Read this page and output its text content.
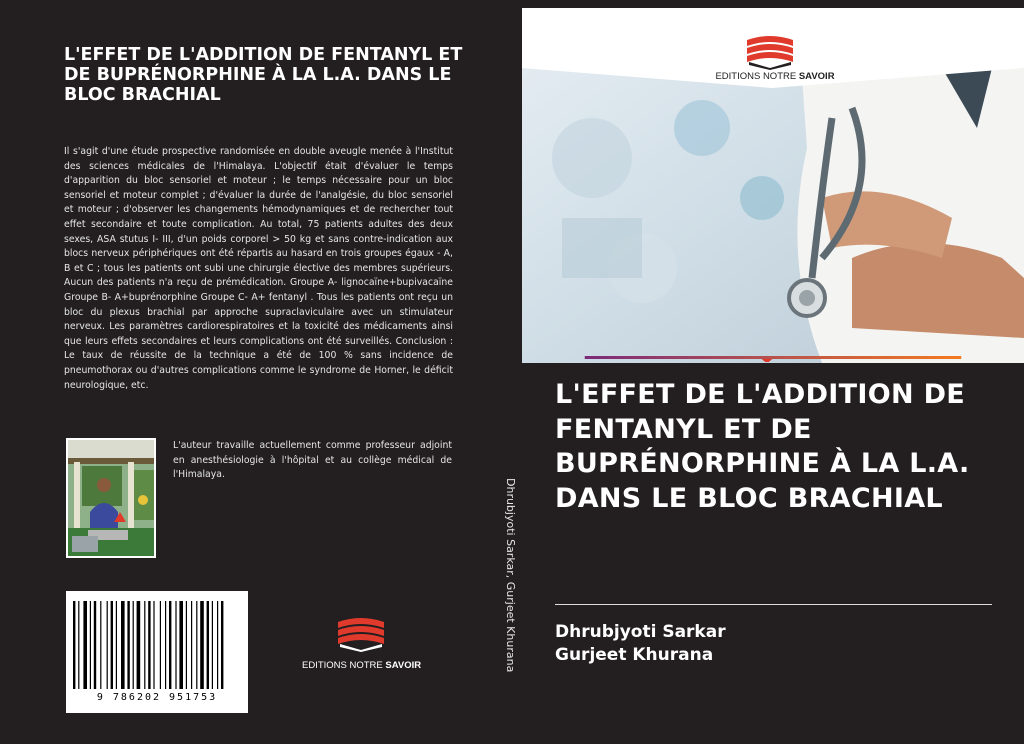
L'EFFET DE L'ADDITION DE FENTANYL ET DE BUPRÉNORPHINE À LA L.A. DANS LE BLOC BRACHIAL

Il s'agit d'une étude prospective randomisée en double aveugle menée à l'Institut des sciences médicales de l'Himalaya. L'objectif était d'évaluer le temps d'apparition du bloc sensoriel et moteur ; le temps nécessaire pour un bloc sensoriel et moteur complet ; d'évaluer la durée de l'analgésie, du bloc sensoriel et moteur ; d'observer les changements hémodynamiques et de rechercher tout effet secondaire et toute complication. Au total, 75 patients adultes des deux sexes, ASA stutus I- III, d'un poids corporel > 50 kg et sans contre-indication aux blocs nerveux périphériques ont été répartis au hasard en trois groupes égaux - A, B et C ; tous les patients ont subi une chirurgie élective des membres supérieurs. Aucun des patients n'a reçu de prémédication. Groupe A- lignocaïne+bupivacaïne Groupe B- A+buprénorphine Groupe C- A+ fentanyl . Tous les patients ont reçu un bloc du plexus brachial par approche supraclaviculaire avec un stimulateur nerveux. Les paramètres cardiorespiratoires et la toxicité des médicaments ainsi que leurs effets secondaires et leurs complications ont été surveillés. Conclusion : Le taux de réussite de la technique a été de 100 % sans incidence de pneumothorax ou d'autres complications comme le syndrome de Horner, le déficit neurologique, etc.

L'auteur travaille actuellement comme professeur adjoint en anesthésiologie à l'hôpital et au collège médical de l'Himalaya.

9 786202 951753
EDITIONS NOTRE SAVOIR	Dhrubjyoti Sarkar, Gurjeet Khurana
EDITIONS NOTRE SAVOIR
L'EFFET DE L'ADDITION DE FENTANYL ET DE BUPRÉNORPHINE À LA L.A. DANS LE BLOC BRACHIAL
Dhrubjyoti Sarkar
Gurjeet Khurana
